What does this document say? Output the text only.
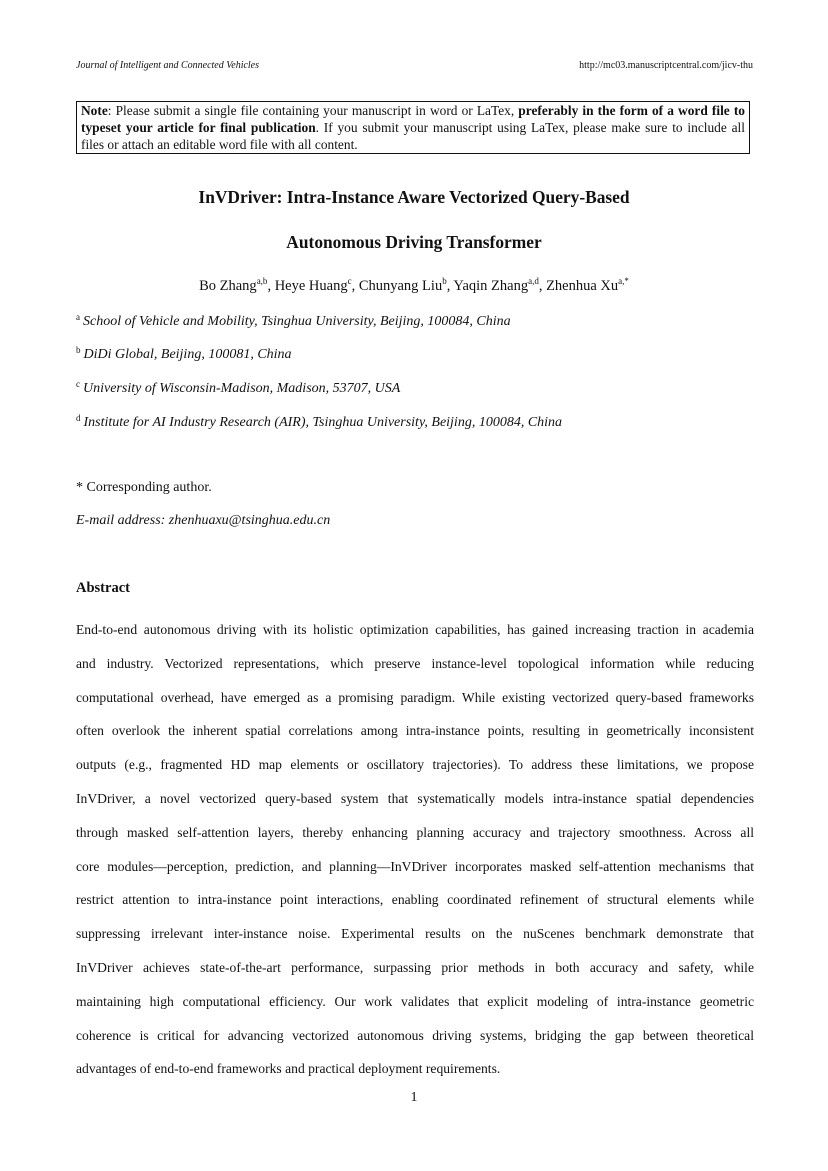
Journal of Intelligent and Connected Vehicles	http://mc03.manuscriptcentral.com/jicv-thu
Note: Please submit a single file containing your manuscript in word or LaTex, preferably in the form of a word file to typeset your article for final publication. If you submit your manuscript using LaTex, please make sure to include all files or attach an editable word file with all content.
InVDriver: Intra-Instance Aware Vectorized Query-Based
Autonomous Driving Transformer
Bo Zhang$^{a,b}$, Heye Huang$^c$, Chunyang Liu$^b$, Yaqin Zhang$^{a,d}$, Zhenhua $Xu^{a,*}$
$^a$ School of Vehicle and Mobility, Tsinghua University, Beijing, 100084, China
$^b$ DiDi Global, Beijing, 100081, China
$^c$ University of Wisconsin-Madison, Madison, 53707, USA
$^d$ Institute for AI Industry Research (AIR), Tsinghua University, Beijing, 100084, China
* Corresponding author.
E-mail address: zhenhuaxu@tsinghua.edu.cn
Abstract
End-to-end autonomous driving with its holistic optimization capabilities, has gained increasing traction in academia
and industry. Vectorized representations, which preserve instance-level topological information while reducing
computational overhead, have emerged as a promising paradigm. While existing vectorized query-based frameworks
often overlook the inherent spatial correlations among intra-instance points, resulting in geometrically inconsistent
outputs (e.g., fragmented HD map elements or oscillatory trajectories). To address these limitations, we propose
InVDriver, a novel vectorized query-based system that systematically models intra-instance spatial dependencies
through masked self-attention layers, thereby enhancing planning accuracy and trajectory smoothness. Across all
core modules—perception, prediction, and planning—InVDriver incorporates masked self-attention mechanisms that
restrict attention to intra-instance point interactions, enabling coordinated refinement of structural elements while
suppressing irrelevant inter-instance noise. Experimental results on the nuScenes benchmark demonstrate that
InVDriver achieves state-of-the-art performance, surpassing prior methods in both accuracy and safety, while
maintaining high computational efficiency. Our work validates that explicit modeling of intra-instance geometric
coherence is critical for advancing vectorized autonomous driving systems, bridging the gap between theoretical
advantages of end-to-end frameworks and practical deployment requirements.
1
